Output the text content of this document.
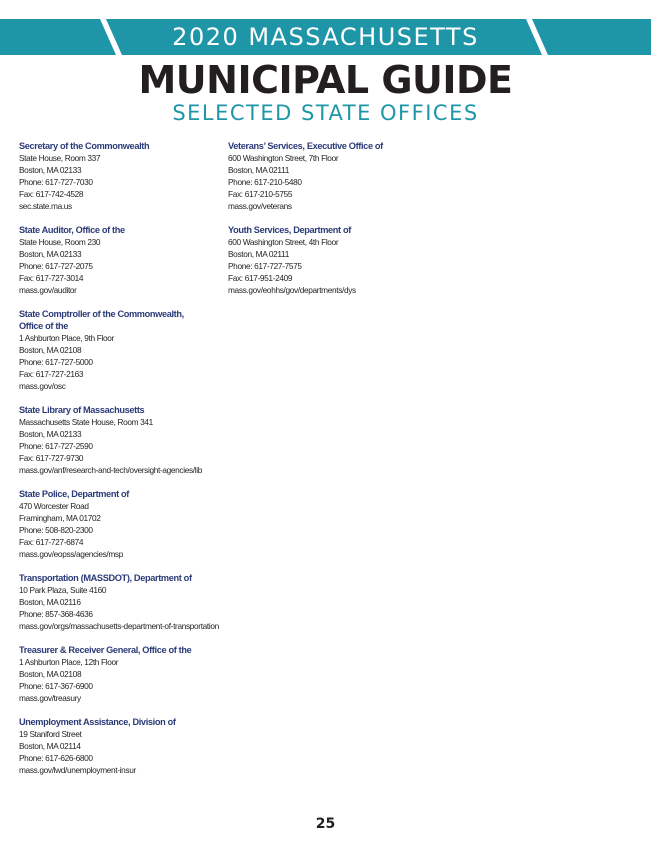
2020 MASSACHUSETTS
MUNICIPAL GUIDE
SELECTED STATE OFFICES
Secretary of the Commonwealth
State House, Room 337
Boston, MA 02133
Phone: 617-727-7030
Fax: 617-742-4528
sec.state.ma.us
State Auditor, Office of the
State House, Room 230
Boston, MA 02133
Phone: 617-727-2075
Fax: 617-727-3014
mass.gov/auditor
State Comptroller of the Commonwealth, Office of the
1 Ashburton Place, 9th Floor
Boston, MA 02108
Phone: 617-727-5000
Fax: 617-727-2163
mass.gov/osc
State Library of Massachusetts
Massachusetts State House, Room 341
Boston, MA 02133
Phone: 617-727-2590
Fax: 617-727-9730
mass.gov/anf/research-and-tech/oversight-agencies/lib
State Police, Department of
470 Worcester Road
Framingham, MA 01702
Phone: 508-820-2300
Fax: 617-727-6874
mass.gov/eopss/agencies/msp
Transportation (MASSDOT), Department of
10 Park Plaza, Suite 4160
Boston, MA 02116
Phone: 857-368-4636
mass.gov/orgs/massachusetts-department-of-transportation
Treasurer & Receiver General, Office of the
1 Ashburton Place, 12th Floor
Boston, MA 02108
Phone: 617-367-6900
mass.gov/treasury
Unemployment Assistance, Division of
19 Staniford Street
Boston, MA 02114
Phone: 617-626-6800
mass.gov/lwd/unemployment-insur
Veterans’ Services, Executive Office of
600 Washington Street, 7th Floor
Boston, MA 02111
Phone: 617-210-5480
Fax: 617-210-5755
mass.gov/veterans
Youth Services, Department of
600 Washington Street, 4th Floor
Boston, MA 02111
Phone: 617-727-7575
Fax: 617-951-2409
mass.gov/eohhs/gov/departments/dys
25
